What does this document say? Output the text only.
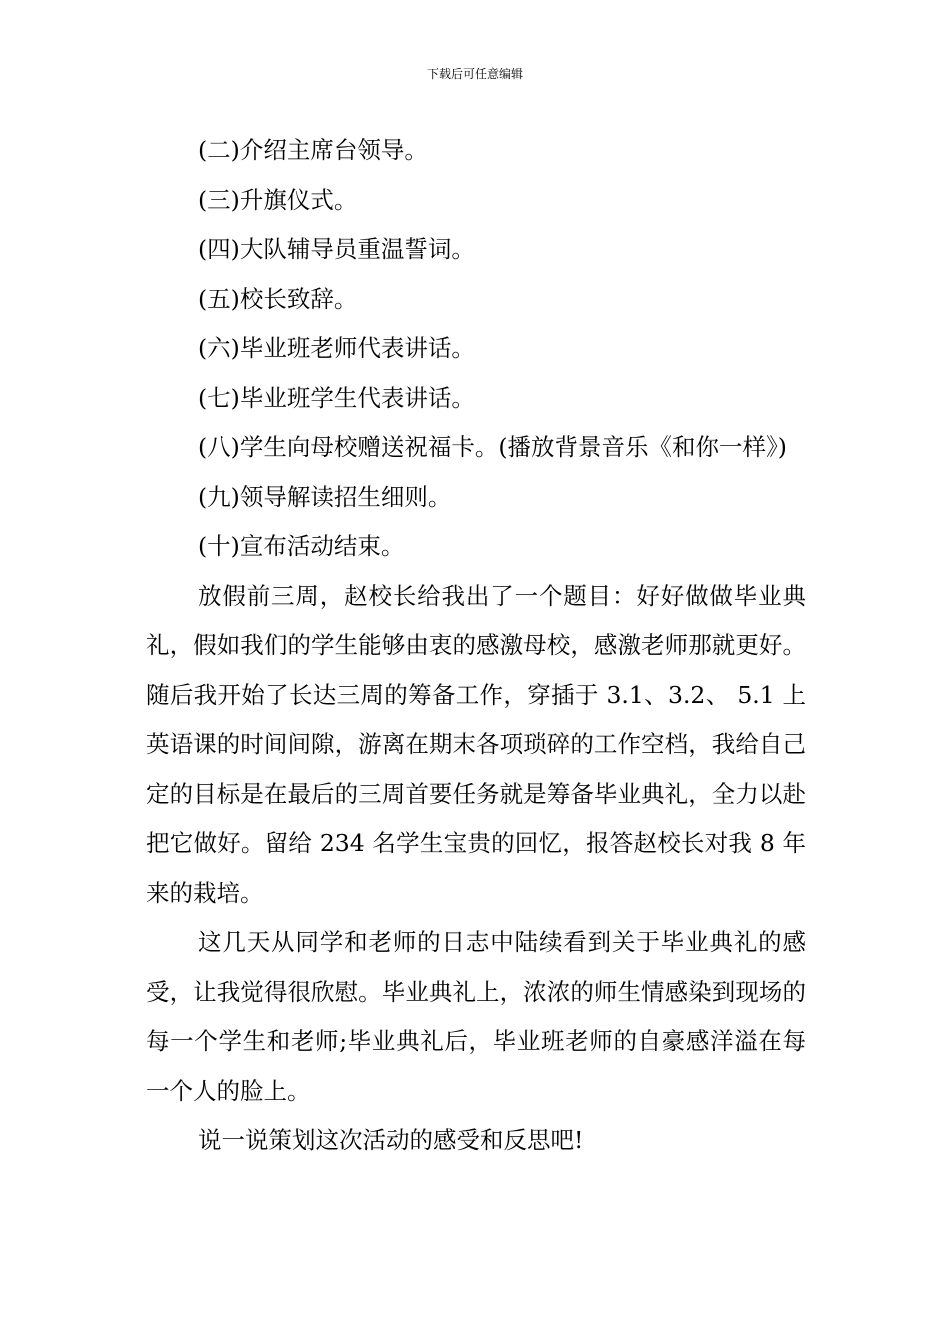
下载后可任意编辑

(二)介绍主席台领导。

(三)升旗仪式。

(四)大队辅导员重温誓词。

(五)校长致辞。

(六)毕业班老师代表讲话。

(七)毕业班学生代表讲话。

(八)学生向母校赠送祝福卡。(播放背景音乐《和你一样》)

(九)领导解读招生细则。

(十)宣布活动结束。

放假前三周，赵校长给我出了一个题目：好好做做毕业典礼，假如我们的学生能够由衷的感激母校，感激老师那就更好。随后我开始了长达三周的筹备工作，穿插于 3.1、3.2、 5.1 上英语课的时间间隙，游离在期末各项琐碎的工作空档，我给自己定的目标是在最后的三周首要任务就是筹备毕业典礼，全力以赴把它做好。留给 234 名学生宝贵的回忆，报答赵校长对我 8 年来的栽培。

这几天从同学和老师的日志中陆续看到关于毕业典礼的感受，让我觉得很欣慰。毕业典礼上，浓浓的师生情感染到现场的每一个学生和老师;毕业典礼后，毕业班老师的自豪感洋溢在每一个人的脸上。

说一说策划这次活动的感受和反思吧!
